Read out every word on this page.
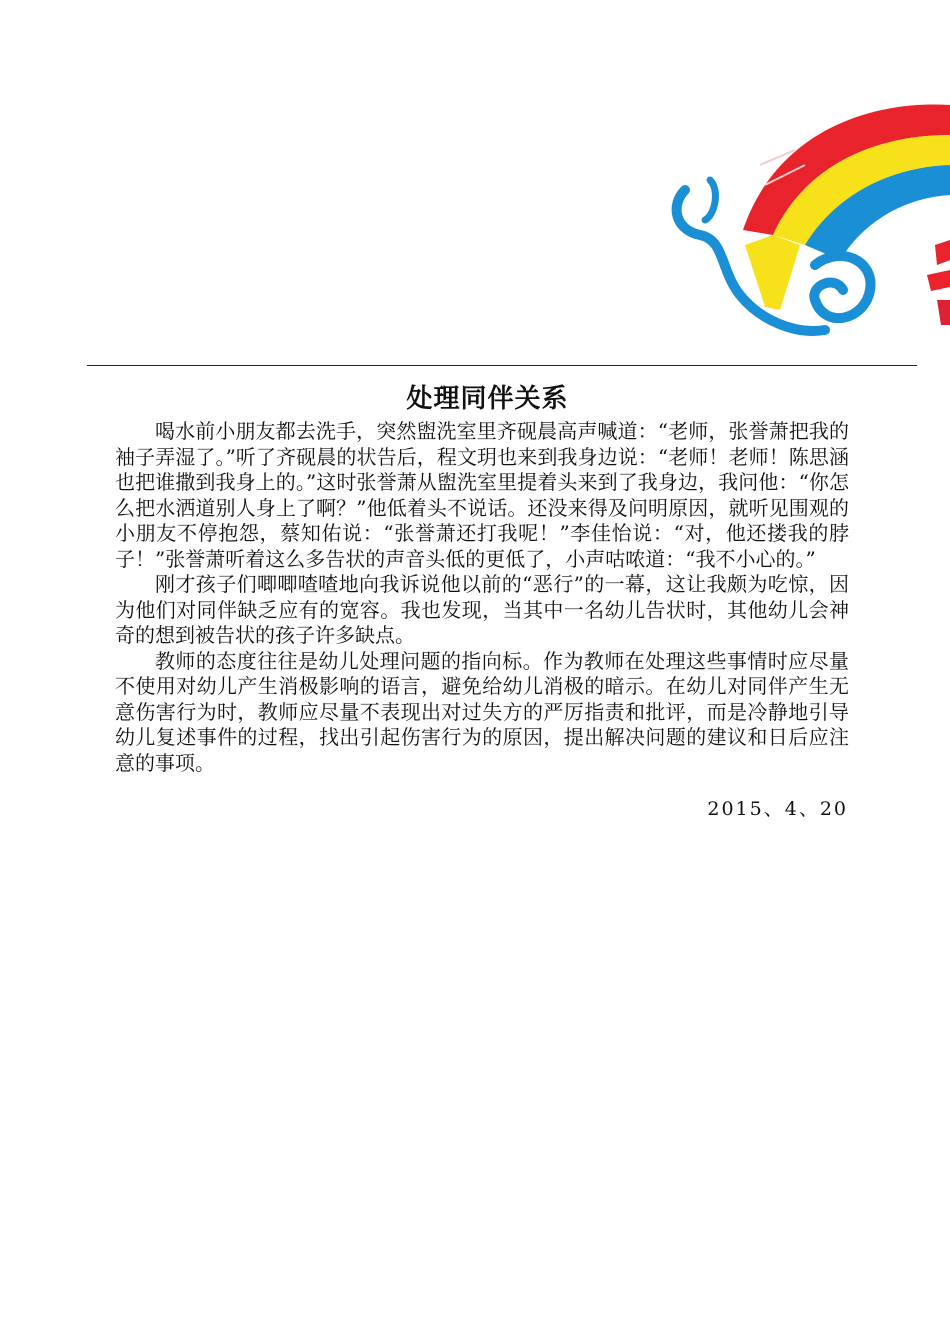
处理同伴关系

喝水前小朋友都去洗手，突然盥洗室里齐砚晨高声喊道：“老师，张誉萧把我的袖子弄湿了。”听了齐砚晨的状告后，程文玥也来到我身边说：“老师！老师！陈思涵也把谁撒到我身上的。”这时张誉萧从盥洗室里提着头来到了我身边，我问他：“你怎么把水洒道别人身上了啊？”他低着头不说话。还没来得及问明原因，就听见围观的小朋友不停抱怨，蔡知佑说：“张誉萧还打我呢！”李佳怡说：“对，他还搂我的脖子！”张誉萧听着这么多告状的声音头低的更低了，小声咕哝道：“我不小心的。”

刚才孩子们唧唧喳喳地向我诉说他以前的“恶行”的一幕，这让我颇为吃惊，因为他们对同伴缺乏应有的宽容。我也发现，当其中一名幼儿告状时，其他幼儿会神奇的想到被告状的孩子许多缺点。

教师的态度往往是幼儿处理问题的指向标。作为教师在处理这些事情时应尽量不使用对幼儿产生消极影响的语言，避免给幼儿消极的暗示。在幼儿对同伴产生无意伤害行为时，教师应尽量不表现出对过失方的严厉指责和批评，而是冷静地引导幼儿复述事件的过程，找出引起伤害行为的原因，提出解决问题的建议和日后应注意的事项。

2015、4、20
